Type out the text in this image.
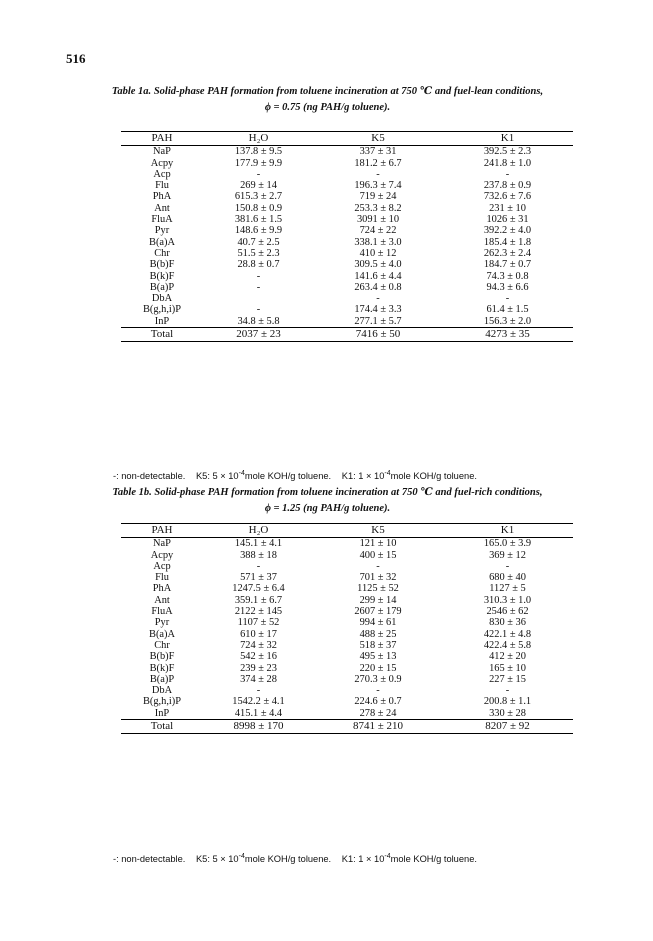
516
Table 1a. Solid-phase PAH formation from toluene incineration at 750 ℃ and fuel-lean conditions,
ϕ = 0.75 (ng PAH/g toluene).
PAH	H₂O	K5	K1
NaP	137.8 ± 9.5	337 ± 31	392.5 ± 2.3
Acpy	177.9 ± 9.9	181.2 ± 6.7	241.8 ± 1.0
Acp	-	-	-
Flu	269 ± 14	196.3 ± 7.4	237.8 ± 0.9
PhA	615.3 ± 2.7	719 ± 24	732.6 ± 7.6
Ant	150.8 ± 0.9	253.3 ± 8.2	231 ± 10
FluA	381.6 ± 1.5	3091 ± 10	1026 ± 31
Pyr	148.6 ± 9.9	724 ± 22	392.2 ± 4.0
B(a)A	40.7 ± 2.5	338.1 ± 3.0	185.4 ± 1.8
Chr	51.5 ± 2.3	410 ± 12	262.3 ± 2.4
B(b)F	28.8 ± 0.7	309.5 ± 4.0	184.7 ± 0.7
B(k)F	-	141.6 ± 4.4	74.3 ± 0.8
B(a)P	-	263.4 ± 0.8	94.3 ± 6.6
DbA		-	-
B(g,h,i)P	-	174.4 ± 3.3	61.4 ± 1.5
InP	34.8 ± 5.8	277.1 ± 5.7	156.3 ± 2.0
Total	2037 ± 23	7416 ± 50	4273 ± 35
-: non-detectable. K5: $5 \times 10^{-4}mole$ KOH/g toluene. K1: $1 \times 10^{-4}mole$ KOH/g toluene.
Table 1b. Solid-phase PAH formation from toluene incineration at 750 ℃ and fuel-rich conditions,
ϕ = 1.25 (ng PAH/g toluene).
PAH	H₂O	K5	K1
NaP	145.1 ± 4.1	121 ± 10	165.0 ± 3.9
Acpy	388 ± 18	400 ± 15	369 ± 12
Acp	-	-	-
Flu	571 ± 37	701 ± 32	680 ± 40
PhA	1247.5 ± 6.4	1125 ± 52	1127 ± 5
Ant	359.1 ± 6.7	299 ± 14	310.3 ± 1.0
FluA	2122 ± 145	2607 ± 179	2546 ± 62
Pyr	1107 ± 52	994 ± 61	830 ± 36
B(a)A	610 ± 17	488 ± 25	422.1 ± 4.8
Chr	724 ± 32	518 ± 37	422.4 ± 5.8
B(b)F	542 ± 16	495 ± 13	412 ± 20
B(k)F	239 ± 23	220 ± 15	165 ± 10
B(a)P	374 ± 28	270.3 ± 0.9	227 ± 15
DbA	-	-	-
B(g,h,i)P	1542.2 ± 4.1	224.6 ± 0.7	200.8 ± 1.1
InP	415.1 ± 4.4	278 ± 24	330 ± 28
Total	8998 ± 170	8741 ± 210	8207 ± 92
-: non-detectable. K5: $5 \times 10^{-4}mole$ KOH/g toluene. K1: $1 \times 10^{-4}mole$ KOH/g toluene.
